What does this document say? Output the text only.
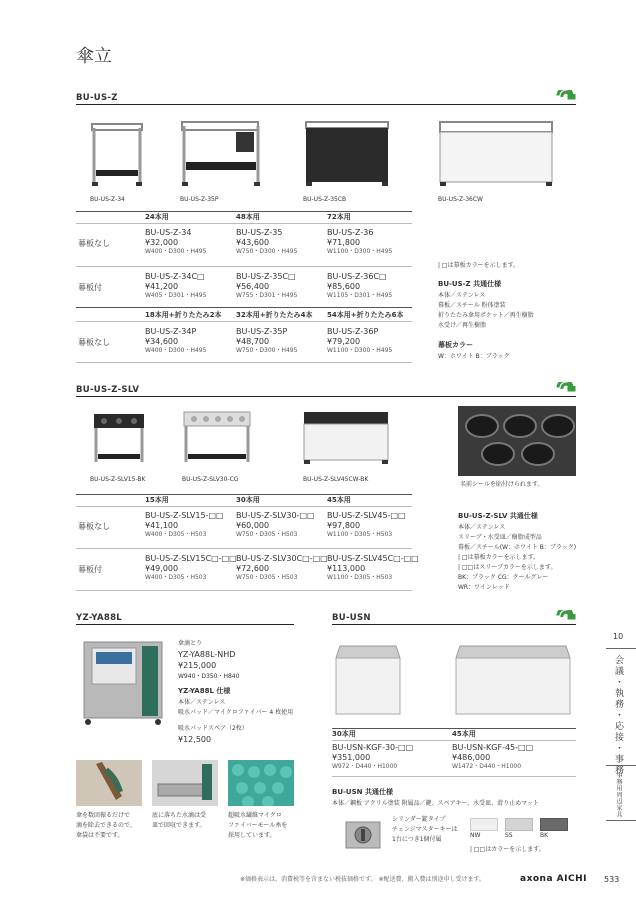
傘立
BU-US-Z
BU-US-Z-34	BU-US-Z-35P	BU-US-Z-35CB	BU-US-Z-36CW
24本用	48本用	72本用
幕板なし
BU-US-Z-34
¥32,000
W400・D300・H495
BU-US-Z-35
¥43,600
W750・D300・H495
BU-US-Z-36
¥71,800
W1100・D300・H495
幕板付
BU-US-Z-34C□
¥41,200
W405・D301・H495
BU-US-Z-35C□
¥56,400
W755・D301・H495
BU-US-Z-36C□
¥85,600
W1105・D301・H495
18本用+折りたたみ2本 32本用+折りたたみ4本 54本用+折りたたみ6本
幕板なし
BU-US-Z-34P
¥34,600
W400・D300・H495
BU-US-Z-35P
¥48,700
W750・D300・H495
BU-US-Z-36P
¥79,200
W1100・D300・H495
| □は幕板カラーを示します。
BU-US-Z 共通仕様
本体／ステンレス
幕板／スチール 粉体塗装
折りたたみ傘用ポケット／再生樹脂
水受け／再生樹脂
幕板カラー
W：ホワイト B：ブラック
BU-US-Z-SLV
BU-US-Z-SLV15-BK	BU-US-Z-SLV30-CG	BU-US-Z-SLV45CW-BK
名前シールを貼付けられます。
15本用	30本用	45本用
幕板なし
BU-US-Z-SLV15-□□
¥41,100
W400・D305・H503
BU-US-Z-SLV30-□□
¥60,000
W750・D305・H503
BU-US-Z-SLV45-□□
¥97,800
W1100・D305・H503
幕板付
BU-US-Z-SLV15C□-□□
¥49,000
W400・D305・H503
BU-US-Z-SLV30C□-□□
¥72,600
W750・D305・H503
BU-US-Z-SLV45C□-□□
¥113,000
W1100・D305・H503
BU-US-Z-SLV 共通仕様
本体／ステンレス
スリーブ・水受皿／樹脂成型品
幕板／スチール(W：ホワイト B：ブラック)
| □は幕板カラーを示します。
| □□はスリーブカラーを示します。
BK：ブラック CG：クールグレー
WR：ワインレッド
YZ-YA88L
傘滴とり
YZ-YA88L-NHD
¥215,000
W940・D350・H840
YZ-YA88L 仕様
本体／ステンレス
吸水パッド／マイクロファイバー 4 枚使用
吸水パッドスペア（2枚）
¥12,500
傘を数回振るだけで
滴を除去できるので、
傘袋は不要です。
底に落ちた水滴は受
皿で回収できます。
超吸水繊維マイクロ
ファイバーモール糸を
採用しています。
BU-USN
30本用	45本用
BU-USN-KGF-30-□□
¥351,000
W972・D440・H1000
BU-USN-KGF-45-□□
¥486,000
W1472・D440・H1000
BU-USN 共通仕様
本体／鋼板 アクリル塗装 附属品／鍵、スペアキー、水受皿、滑り止めマット
シリンダー錠タイプ
チェンジマスターキーは
1台につき1個付属
NW	SS	BK
| □□はカラーを示します。
10
会議・執務・応接・事務
事務用周辺家具
※価格表示は、消費税等を含まない税抜価格です。 ※配送費、搬入費は別途申し受けます。	axona AICHI 533
